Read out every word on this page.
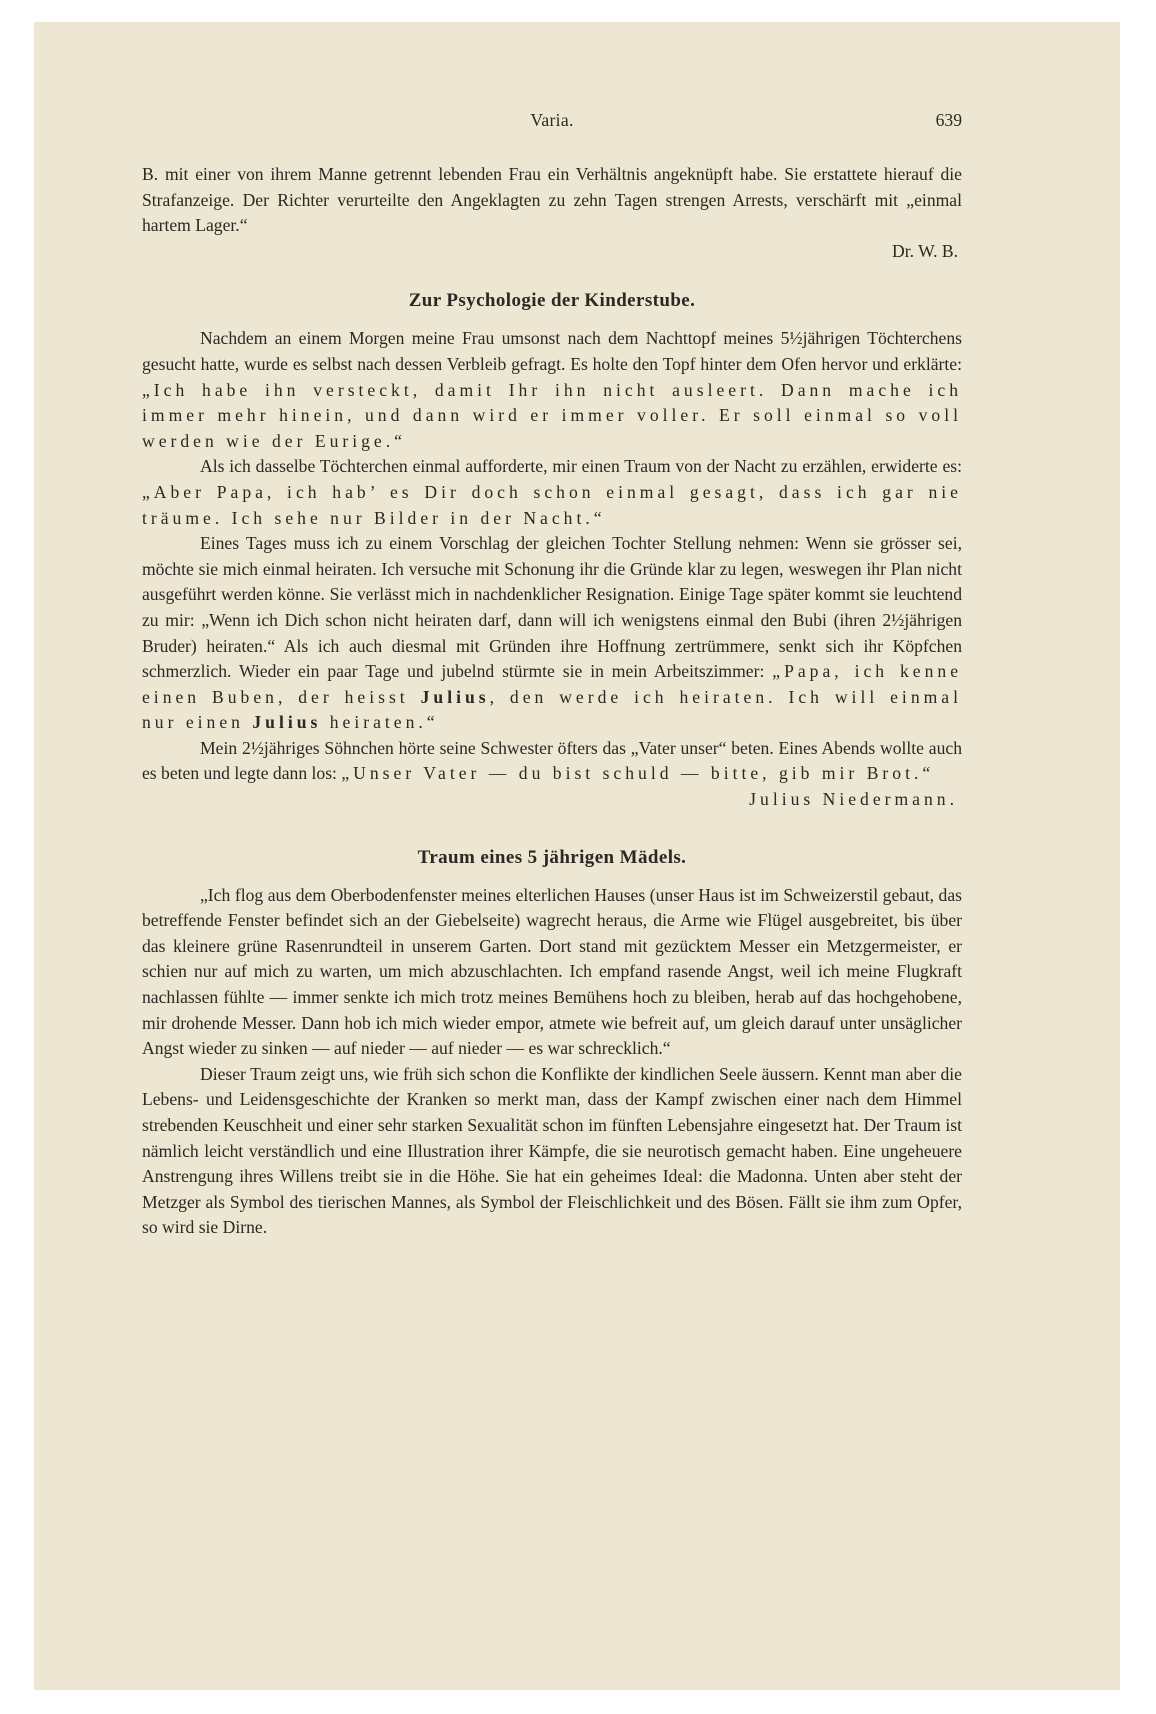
Varia.	639

B. mit einer von ihrem Manne getrennt lebenden Frau ein Verhältnis angeknüpft habe. Sie erstattete hierauf die Strafanzeige. Der Richter verurteilte den Angeklagten zu zehn Tagen strengen Arrests, verschärft mit „einmal hartem Lager.“

Dr. W. B.

Zur Psychologie der Kinderstube.

Nachdem an einem Morgen meine Frau umsonst nach dem Nachttopf meines 5½jährigen Töchterchens gesucht hatte, wurde es selbst nach dessen Verbleib gefragt. Es holte den Topf hinter dem Ofen hervor und erklärte: „Ich habe ihn versteckt, damit Ihr ihn nicht ausleert. Dann mache ich immer mehr hinein, und dann wird er immer voller. Er soll einmal so voll werden wie der Eurige.“

Als ich dasselbe Töchterchen einmal aufforderte, mir einen Traum von der Nacht zu erzählen, erwiderte es: „Aber Papa, ich hab’ es Dir doch schon einmal gesagt, dass ich gar nie träume. Ich sehe nur Bilder in der Nacht.“

Eines Tages muss ich zu einem Vorschlag der gleichen Tochter Stellung nehmen: Wenn sie grösser sei, möchte sie mich einmal heiraten. Ich versuche mit Schonung ihr die Gründe klar zu legen, weswegen ihr Plan nicht ausgeführt werden könne. Sie verlässt mich in nachdenklicher Resignation. Einige Tage später kommt sie leuchtend zu mir: „Wenn ich Dich schon nicht heiraten darf, dann will ich wenigstens einmal den Bubi (ihren 2½jährigen Bruder) heiraten.“ Als ich auch diesmal mit Gründen ihre Hoffnung zertrümmere, senkt sich ihr Köpfchen schmerzlich. Wieder ein paar Tage und jubelnd stürmte sie in mein Arbeitszimmer: „Papa, ich kenne einen Buben, der heisst Julius, den werde ich heiraten. Ich will einmal nur einen Julius heiraten.“

Mein 2½jähriges Söhnchen hörte seine Schwester öfters das „Vater unser“ beten. Eines Abends wollte auch es beten und legte dann los: „Unser Vater — du bist schuld — bitte, gib mir Brot.“

Julius Niedermann.

Traum eines 5 jährigen Mädels.

„Ich flog aus dem Oberbodenfenster meines elterlichen Hauses (unser Haus ist im Schweizerstil gebaut, das betreffende Fenster befindet sich an der Giebelseite) wagrecht heraus, die Arme wie Flügel ausgebreitet, bis über das kleinere grüne Rasenrundteil in unserem Garten. Dort stand mit gezücktem Messer ein Metzgermeister, er schien nur auf mich zu warten, um mich abzuschlachten. Ich empfand rasende Angst, weil ich meine Flugkraft nachlassen fühlte — immer senkte ich mich trotz meines Bemühens hoch zu bleiben, herab auf das hochgehobene, mir drohende Messer. Dann hob ich mich wieder empor, atmete wie befreit auf, um gleich darauf unter unsäglicher Angst wieder zu sinken — auf nieder — auf nieder — es war schrecklich.“

Dieser Traum zeigt uns, wie früh sich schon die Konflikte der kindlichen Seele äussern. Kennt man aber die Lebens- und Leidensgeschichte der Kranken so merkt man, dass der Kampf zwischen einer nach dem Himmel strebenden Keuschheit und einer sehr starken Sexualität schon im fünften Lebensjahre eingesetzt hat. Der Traum ist nämlich leicht verständlich und eine Illustration ihrer Kämpfe, die sie neurotisch gemacht haben. Eine ungeheuere Anstrengung ihres Willens treibt sie in die Höhe. Sie hat ein geheimes Ideal: die Madonna. Unten aber steht der Metzger als Symbol des tierischen Mannes, als Symbol der Fleischlichkeit und des Bösen. Fällt sie ihm zum Opfer, so wird sie Dirne.
